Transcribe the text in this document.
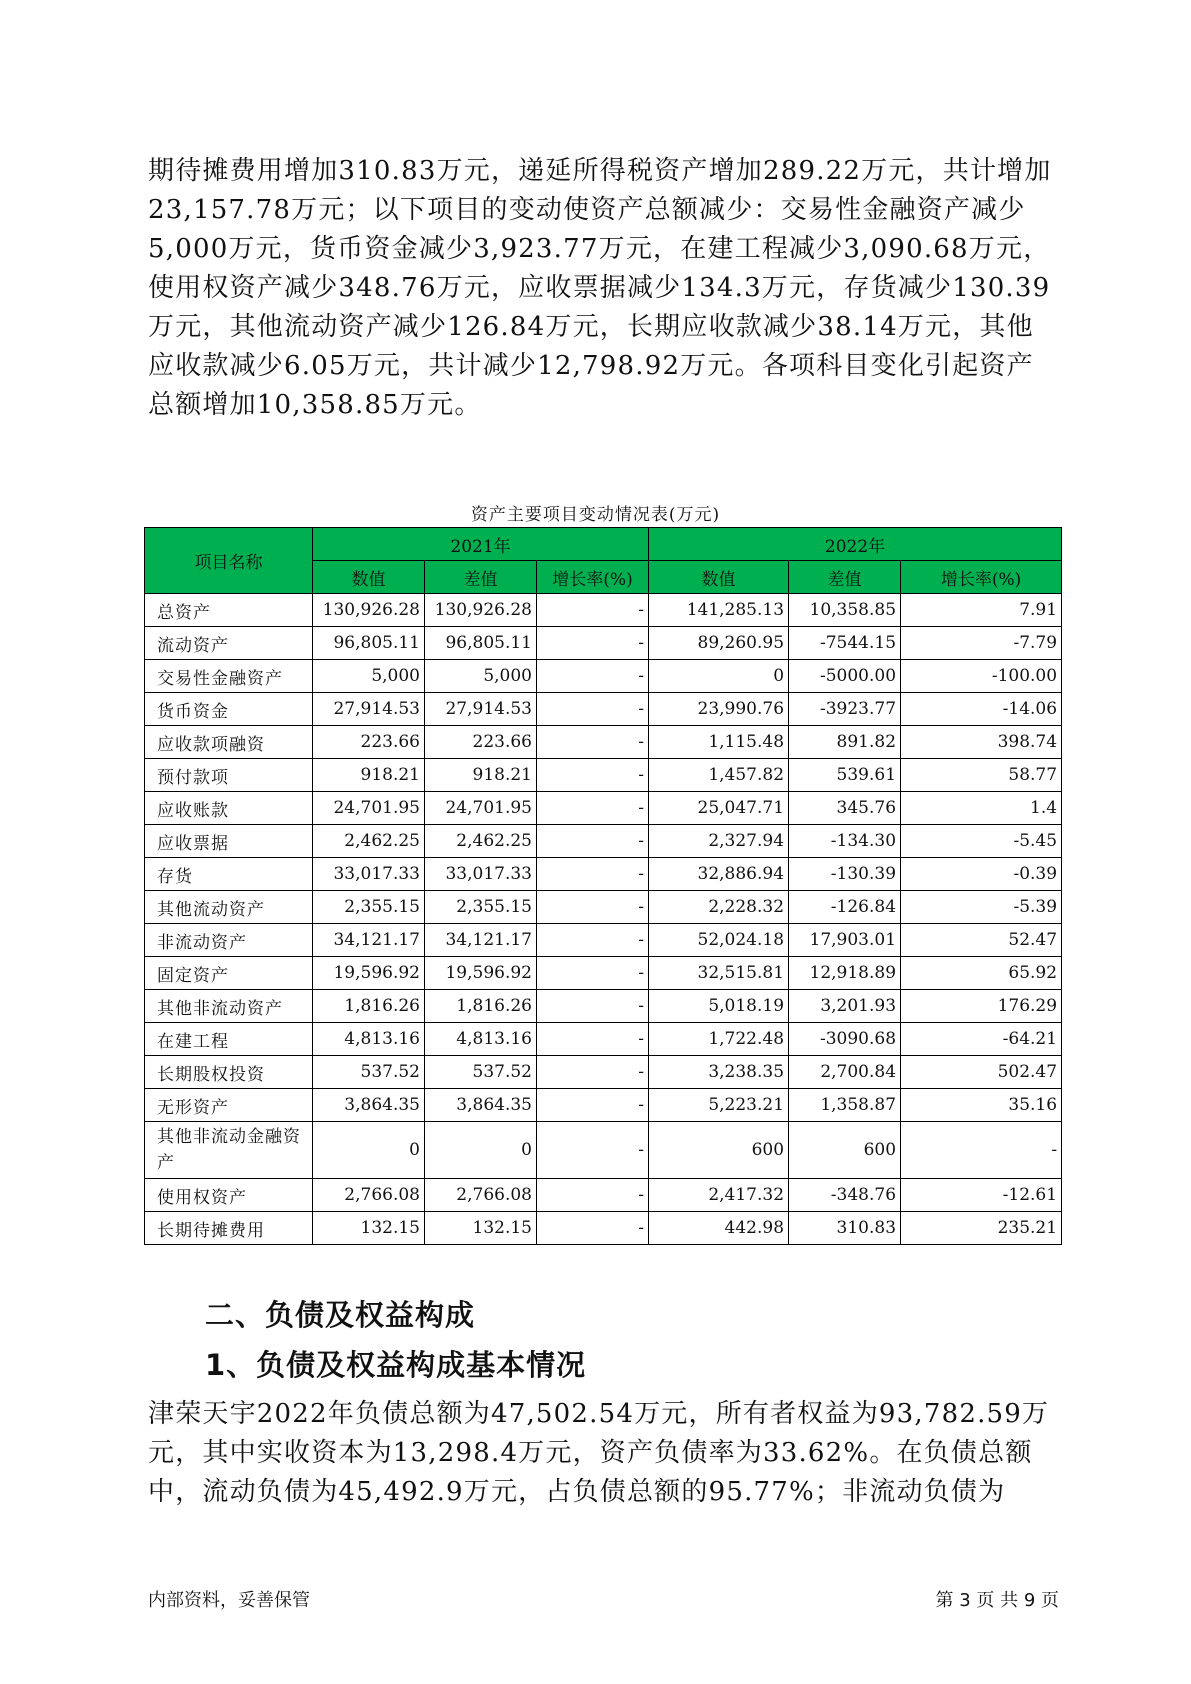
期待摊费用增加310.83万元，递延所得税资产增加289.22万元，共计增加23,157.78万元；以下项目的变动使资产总额减少：交易性金融资产减少5,000万元，货币资金减少3,923.77万元，在建工程减少3,090.68万元，使用权资产减少348.76万元，应收票据减少134.3万元，存货减少130.39万元，其他流动资产减少126.84万元，长期应收款减少38.14万元，其他应收款减少6.05万元，共计减少12,798.92万元。各项科目变化引起资产总额增加10,358.85万元。

资产主要项目变动情况表(万元)
项目名称	2021年			2022年		
	数值	差值	增长率(%)	数值	差值	增长率(%)
总资产	130,926.28	130,926.28	-	141,285.13	10,358.85	7.91
流动资产	96,805.11	96,805.11	-	89,260.95	-7544.15	-7.79
交易性金融资产	5,000	5,000	-	0	-5000.00	-100.00
货币资金	27,914.53	27,914.53	-	23,990.76	-3923.77	-14.06
应收款项融资	223.66	223.66	-	1,115.48	891.82	398.74
预付款项	918.21	918.21	-	1,457.82	539.61	58.77
应收账款	24,701.95	24,701.95	-	25,047.71	345.76	1.4
应收票据	2,462.25	2,462.25	-	2,327.94	-134.30	-5.45
存货	33,017.33	33,017.33	-	32,886.94	-130.39	-0.39
其他流动资产	2,355.15	2,355.15	-	2,228.32	-126.84	-5.39
非流动资产	34,121.17	34,121.17	-	52,024.18	17,903.01	52.47
固定资产	19,596.92	19,596.92	-	32,515.81	12,918.89	65.92
其他非流动资产	1,816.26	1,816.26	-	5,018.19	3,201.93	176.29
在建工程	4,813.16	4,813.16	-	1,722.48	-3090.68	-64.21
长期股权投资	537.52	537.52	-	3,238.35	2,700.84	502.47
无形资产	3,864.35	3,864.35	-	5,223.21	1,358.87	35.16
其他非流动金融资产	0	0	-	600	600	-
使用权资产	2,766.08	2,766.08	-	2,417.32	-348.76	-12.61
长期待摊费用	132.15	132.15	-	442.98	310.83	235.21
二、负债及权益构成
1、负债及权益构成基本情况

津荣天宇2022年负债总额为47,502.54万元，所有者权益为93,782.59万元，其中实收资本为13,298.4万元，资产负债率为33.62%。在负债总额中，流动负债为45,492.9万元，占负债总额的95.77%；非流动负债为

内部资料，妥善保管	第 3 页 共 9 页
